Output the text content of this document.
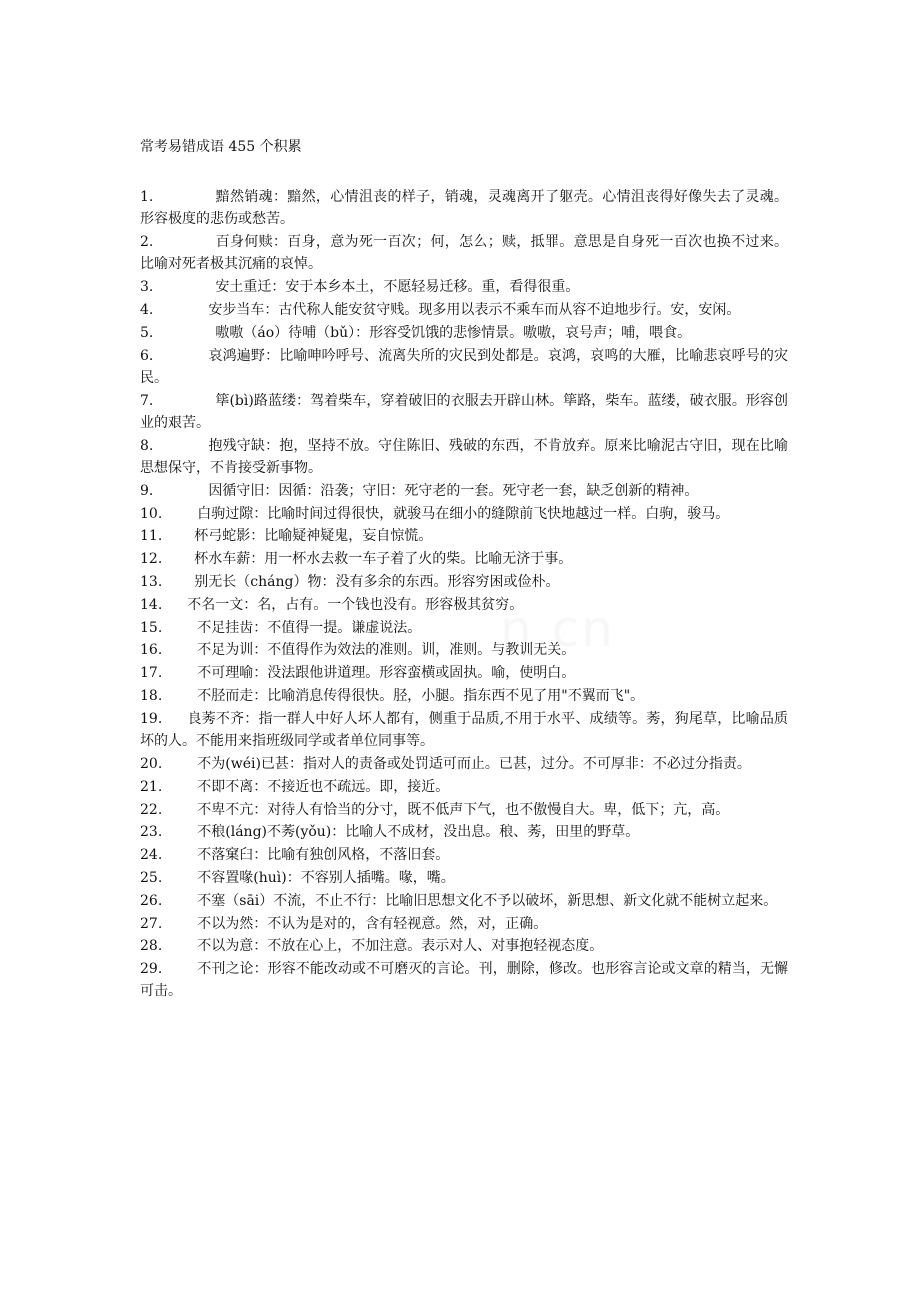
n.cn
常考易错成语 455 个积累
1.	黯然销魂：黯然，心情沮丧的样子，销魂，灵魂离开了躯壳。心情沮丧得好像失去了灵魂。形容极度的悲伤或愁苦。
2.	百身何赎：百身，意为死一百次；何，怎么；赎，抵罪。意思是自身死一百次也换不过来。比喻对死者极其沉痛的哀悼。
3.	安土重迁：安于本乡本土，不愿轻易迁移。重，看得很重。
4.	安步当车：古代称人能安贫守贱。现多用以表示不乘车而从容不迫地步行。安，安闲。
5.	嗷嗷（áo）待哺（bǔ）：形容受饥饿的悲惨情景。嗷嗷，哀号声；哺，喂食。
6.	哀鸿遍野：比喻呻吟呼号、流离失所的灾民到处都是。哀鸿，哀鸣的大雁，比喻悲哀呼号的灾民。
7.	筚(bì)路蓝缕：驾着柴车，穿着破旧的衣服去开辟山林。筚路，柴车。蓝缕，破衣服。形容创业的艰苦。
8.	抱残守缺：抱，坚持不放。守住陈旧、残破的东西，不肯放弃。原来比喻泥古守旧，现在比喻思想保守，不肯接受新事物。
9.	因循守旧：因循：沿袭；守旧：死守老的一套。死守老一套，缺乏创新的精神。
10.	白驹过隙：比喻时间过得很快，就骏马在细小的缝隙前飞快地越过一样。白驹，骏马。
11. 杯弓蛇影：比喻疑神疑鬼，妄自惊慌。
12. 杯水车薪：用一杯水去救一车子着了火的柴。比喻无济于事。
13. 别无长（cháng）物：没有多余的东西。形容穷困或俭朴。
14. 不名一文：名，占有。一个钱也没有。形容极其贫穷。
15.	不足挂齿：不值得一提。谦虚说法。
16.	不足为训：不值得作为效法的准则。训，准则。与教训无关。
17.	不可理喻：没法跟他讲道理。形容蛮横或固执。喻，使明白。
18.	不胫而走：比喻消息传得很快。胫，小腿。指东西不见了用"不翼而飞"。
19. 良莠不齐：指一群人中好人坏人都有，侧重于品质,不用于水平、成绩等。莠，狗尾草，比喻品质坏的人。不能用来指班级同学或者单位同事等。
20.	不为(wéi)已甚：指对人的责备或处罚适可而止。已甚，过分。不可厚非：不必过分指责。
21.	不即不离：不接近也不疏远。即，接近。
22.	不卑不亢：对待人有恰当的分寸，既不低声下气，也不傲慢自大。卑，低下；亢，高。
23.	不稂(láng)不莠(yǒu)：比喻人不成材，没出息。稂、莠，田里的野草。
24.	不落窠臼：比喻有独创风格，不落旧套。
25.	不容置喙(huì)：不容别人插嘴。喙，嘴。
26.	不塞（sāi）不流，不止不行：比喻旧思想文化不予以破坏，新思想、新文化就不能树立起来。
27.	不以为然：不认为是对的，含有轻视意。然，对，正确。
28.	不以为意：不放在心上，不加注意。表示对人、对事抱轻视态度。
29.	不刊之论：形容不能改动或不可磨灭的言论。刊，删除，修改。也形容言论或文章的精当，无懈可击。
